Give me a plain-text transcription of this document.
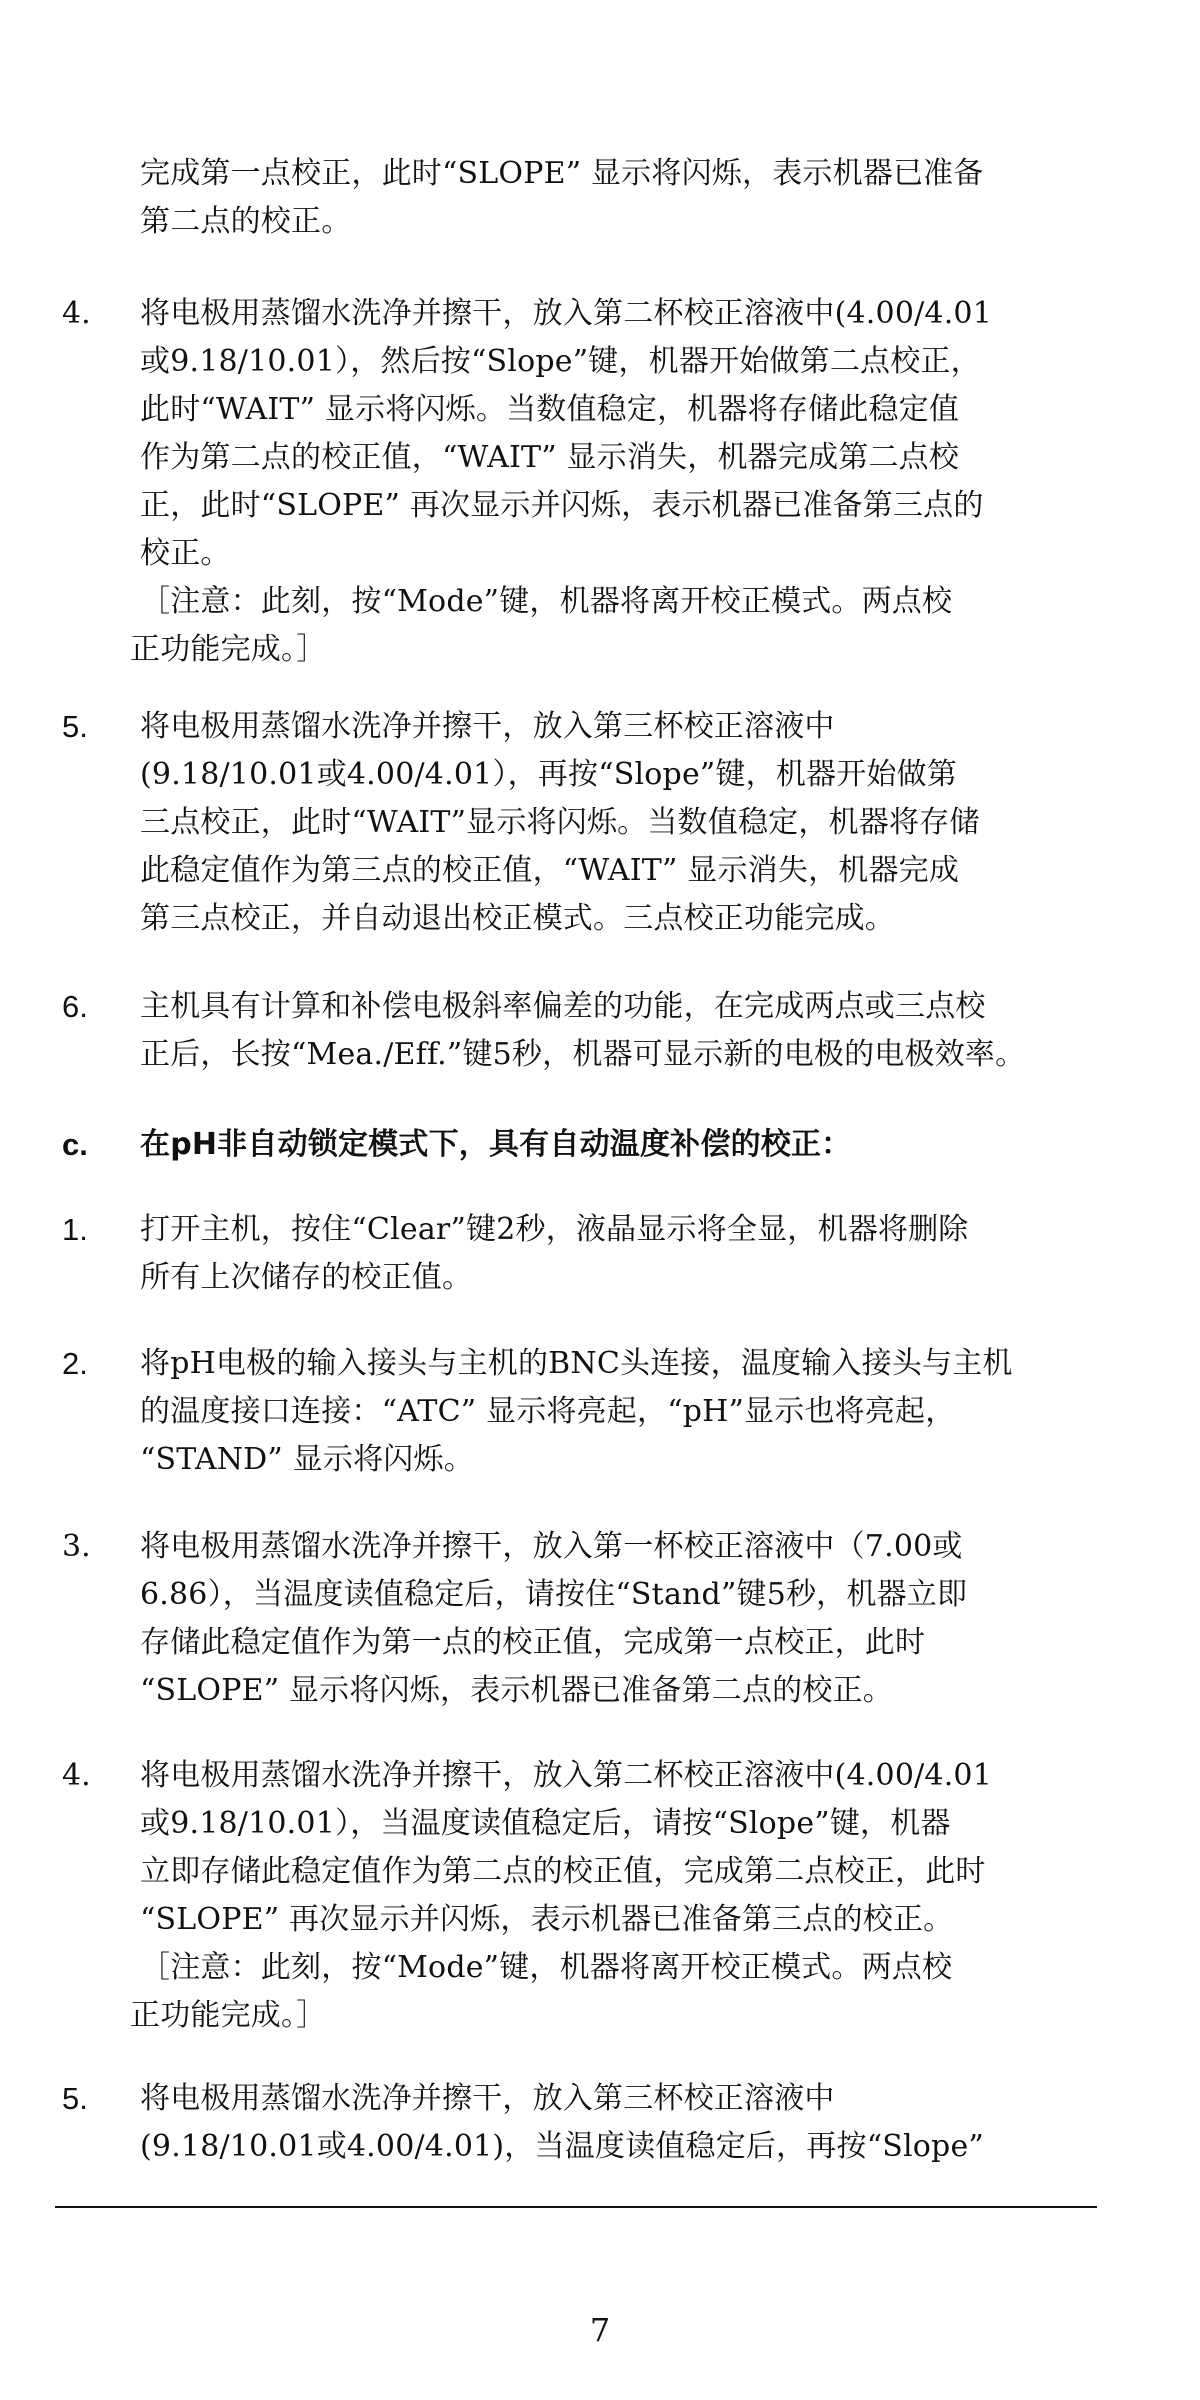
完成第一点校正，此时“SLOPE” 显示将闪烁，表示机器已准备
第二点的校正。
4.	将电极用蒸馏水洗净并擦干，放入第二杯校正溶液中(4.00/4.01
或9.18/10.01），然后按“Slope”键，机器开始做第二点校正，
此时“WAIT” 显示将闪烁。当数值稳定，机器将存储此稳定值
作为第二点的校正值，“WAIT” 显示消失，机器完成第二点校
正，此时“SLOPE” 再次显示并闪烁，表示机器已准备第三点的
校正。
［注意：此刻，按“Mode”键，机器将离开校正模式。两点校
正功能完成。］
5.	将电极用蒸馏水洗净并擦干，放入第三杯校正溶液中
(9.18/10.01或4.00/4.01），再按“Slope”键，机器开始做第
三点校正，此时“WAIT”显示将闪烁。当数值稳定，机器将存储
此稳定值作为第三点的校正值，“WAIT” 显示消失，机器完成
第三点校正，并自动退出校正模式。三点校正功能完成。
6.	主机具有计算和补偿电极斜率偏差的功能，在完成两点或三点校
正后，长按“Mea./Eff.”键5秒，机器可显示新的电极的电极效率。
c.	在pH非自动锁定模式下，具有自动温度补偿的校正：
1.	打开主机，按住“Clear”键2秒，液晶显示将全显，机器将删除
所有上次储存的校正值。
2.	将pH电极的输入接头与主机的BNC头连接，温度输入接头与主机
的温度接口连接：“ATC” 显示将亮起，“pH”显示也将亮起，
“STAND” 显示将闪烁。
3.	将电极用蒸馏水洗净并擦干，放入第一杯校正溶液中（7.00或
6.86），当温度读值稳定后，请按住“Stand”键5秒，机器立即
存储此稳定值作为第一点的校正值，完成第一点校正，此时
“SLOPE” 显示将闪烁，表示机器已准备第二点的校正。
4.	将电极用蒸馏水洗净并擦干，放入第二杯校正溶液中(4.00/4.01
或9.18/10.01），当温度读值稳定后，请按“Slope”键，机器
立即存储此稳定值作为第二点的校正值，完成第二点校正，此时
“SLOPE” 再次显示并闪烁，表示机器已准备第三点的校正。
［注意：此刻，按“Mode”键，机器将离开校正模式。两点校
正功能完成。］
5.	将电极用蒸馏水洗净并擦干，放入第三杯校正溶液中
(9.18/10.01或4.00/4.01)，当温度读值稳定后，再按“Slope”
7
